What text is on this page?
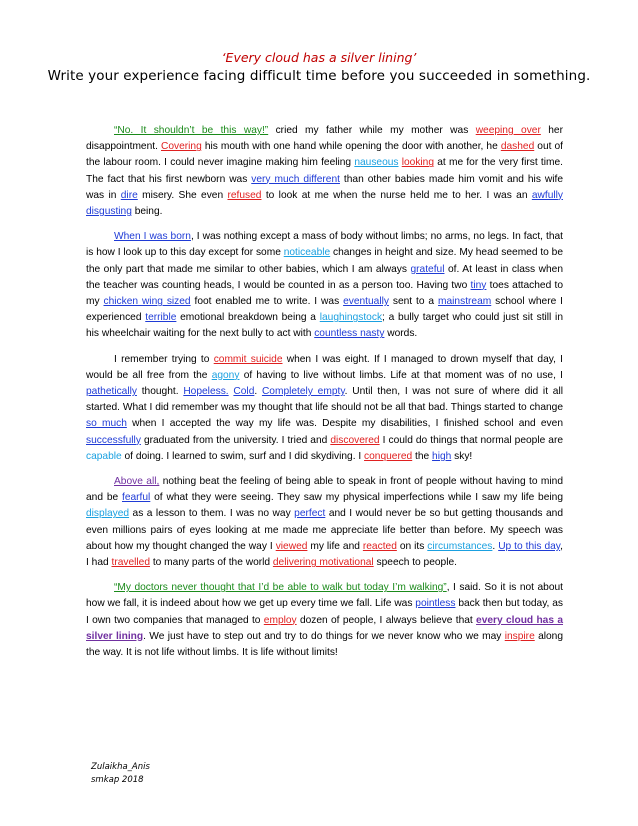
‘Every cloud has a silver lining’
Write your experience facing difficult time before you succeeded in something.

“No. It shouldn’t be this way!” cried my father while my mother was weeping over her disappointment. Covering his mouth with one hand while opening the door with another, he dashed out of the labour room. I could never imagine making him feeling nauseous looking at me for the very first time. The fact that his first newborn was very much different than other babies made him vomit and his wife was in dire misery. She even refused to look at me when the nurse held me to her. I was an awfully disgusting being.

When I was born, I was nothing except a mass of body without limbs; no arms, no legs. In fact, that is how I look up to this day except for some noticeable changes in height and size. My head seemed to be the only part that made me similar to other babies, which I am always grateful of. At least in class when the teacher was counting heads, I would be counted in as a person too. Having two tiny toes attached to my chicken wing sized foot enabled me to write. I was eventually sent to a mainstream school where I experienced terrible emotional breakdown being a laughingstock; a bully target who could just sit still in his wheelchair waiting for the next bully to act with countless nasty words.

I remember trying to commit suicide when I was eight. If I managed to drown myself that day, I would be all free from the agony of having to live without limbs. Life at that moment was of no use, I pathetically thought. Hopeless. Cold. Completely empty. Until then, I was not sure of where did it all started. What I did remember was my thought that life should not be all that bad. Things started to change so much when I accepted the way my life was. Despite my disabilities, I finished school and even successfully graduated from the university. I tried and discovered I could do things that normal people are capable of doing. I learned to swim, surf and I did skydiving. I conquered the high sky!

Above all, nothing beat the feeling of being able to speak in front of people without having to mind and be fearful of what they were seeing. They saw my physical imperfections while I saw my life being displayed as a lesson to them. I was no way perfect and I would never be so but getting thousands and even millions pairs of eyes looking at me made me appreciate life better than before. My speech was about how my thought changed the way I viewed my life and reacted on its circumstances. Up to this day, I had travelled to many parts of the world delivering motivational speech to people.

“My doctors never thought that I’d be able to walk but today I’m walking”, I said. So it is not about how we fall, it is indeed about how we get up every time we fall. Life was pointless back then but today, as I own two companies that managed to employ dozen of people, I always believe that every cloud has a silver lining. We just have to step out and try to do things for we never know who we may inspire along the way. It is not life without limbs. It is life without limits!

Zulaikha_Anis
smkap 2018
